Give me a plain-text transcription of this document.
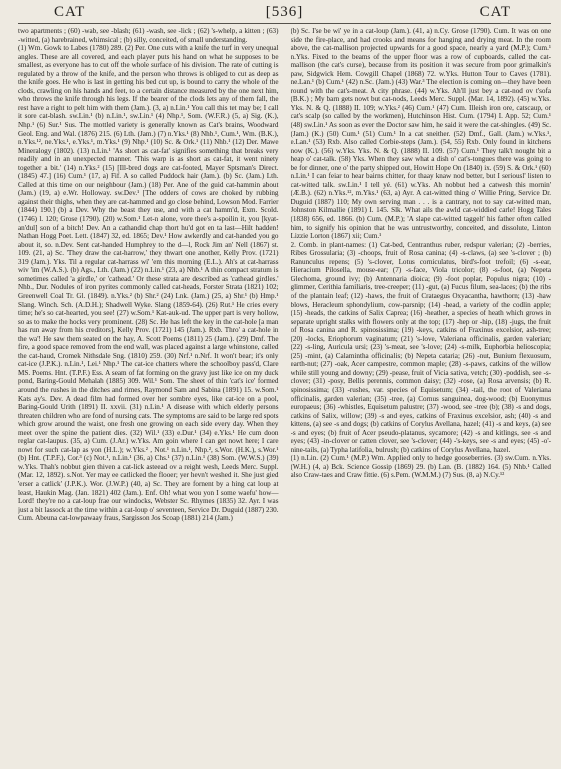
CAT	[536]	CAT

two apartments ; (60) -wab, see -blash; (61) -wash, see -lick ; (62) 's-whelp, a kitten ; (63) -witted, (a) harebrained, whimsical ; (b) silly, conceited, of small understanding.

(1) Wm. Gowk to Labes (1780) 289. (2) Per. One cuts with a knife the turf in very unequal angles. These are all covered, and each player puts his hand on what he supposes to be smallest, as everyone has to cut off the whole surface of his division. The rate of cutting is regulated by a throw of the knife, and the person who throws is obliged to cut as deep as the knife goes. He who is last in getting his bed cut up, is bound to carry the whole of the clods, crawling on his hands and feet, to a certain distance measured by the one next him, who throws the knife through his legs. If the bearer of the clods lets any of them fall, the rest have a right to pelt him with them (Jam.). (3, a) n.Lin.¹ You call this tet may be; I call it sore cat-blash. sw.Lin.¹ (b) n.Lin.¹, sw.Lin.¹ (4) Nhp.¹, Som. (W.F.R.) (5, a) Sig. (K.), Nhp.¹ (6) Sur.¹ Sus. The mottled variety is generally known as Cat's brains, Woodward Geol. Eng. and Wal. (1876) 215. (6) Lth. (Jam.) (7) n.Yks.¹ (8) Nhb.¹, Cum.¹, Wm. (B.K.), n.Yks.¹², ne.Yks.¹, e.Yks.¹, m.Yks.¹ (9) Nhp.¹ (10) Sc. & Ork.¹ (11) Nhb.¹ (12) Der. Mawe Mineralogy (1802). (13) n.Lin.¹ 'As short as cat-fat' signifies something that breaks very readily and in an unexpected manner. 'This warp is as short as cat-fat, it went ninety together a bit.' (14) n.Yks.² (15) [Ill-bred dogs are cat-footed, Mayer Sptsman's Direct. (1845) 47.] (16) Cum.¹ (17, a) Fif. A so called Puddock hair (Jam.). (b) Sc. (Jam.) Lth. Called at this time on our neighbour (Jam.) (18) Per. Ane of the guid cat-hammin about (Jam.) (19, a) e.Wr. Holloway. sw.Dev.¹ [The odders of cows are choked by rubbing against their thighs, when they are cat-hammed and go close behind, Lowson Mod. Farrier (1844) 190.] (b) a Dev. Why the beast they use, and with a cat hamm'd, Exm. Scold. (1746) l. 120; Grose (1790). (20) w.Som.¹ Let-n alone, vore thee's a-spoilin it, you [kyat-an'dul] son of a bitch! Dev. An a cathandid chap thort hu'd got en ta last—Hilt hadden! Nathan Hogg Poet. Lett. (1847) 32, ed. 1865; Dev.¹ How awkerdly and cat-handed you go about it, so. n.Dev. Sent cat-handed Humphrey to the d—l, Rock Jim an' Nell (1867) st. 109. (21, a) Sc. 'They draw the cat-harrow,' they thwart one another, Kelly Prov. (1721) 319 (Jam.). Yks. Til a regular cat-harrass wi' 'em this morning (E.L.). Ah's at cat-harrass wiv 'im (W.A.S.). (b) Ags., Lth. (Jam.) (22) n.Lin.¹ (23, a) Nhb.¹ A thin compact stratum is sometimes called 'a girdle,' or 'cathead.' Or these strata are described as 'cathead girdles.' Nhb., Dur. Nodules of iron pyrites commonly called cat-heads, Forster Strata (1821) 102; Greenwell Coal Tr. Gl. (1849). n.Yks.² (b) Shr.² (24) Lnk. (Jam.) (25, a) Shr.¹ (b) Hmp.¹ Slang. Winch. Sch. (A.D.H.); Shadwell Wyke. Slang (1859-64). (26) Rut.¹ He cries every time; he's so cat-hearted, you see! (27) w.Som.¹ Kat-auk-ud. The upper part is very hollow, so as to make the hocks very prominent. (28) Sc. He has left the key in the cat-hole [a man has run away from his creditors], Kelly Prov. (1721) 145 (Jam.). Rxb. Thro' a cat-hole in the wa'! He saw them seated on the hay, A. Scott Poems (1811) 25 (Jam.). (29) Dmf. The fire, a good space removed from the end wall, was placed against a large whinstone, called the cat-haud, Cromek Nithsdale Sng. (1810) 259. (30) Nrf.¹ n.Nrf. It won't bear; it's only cat-ice (J.P.K.). n.Lin.¹, Lei.¹ Nhp.¹ The cat-ice chatters where the schoolboy pass'd, Clare MS. Poems. Hnt. (T.P.F.) Ess. A seam of fat forming on the gravy just like ice on my duck pond, Baring-Gould Mehalah (1885) 309. Wil.¹ Som. The sheet of thin 'cat's ice' formed around the rushes in the ditches and rimes, Raymond Sam and Sabina (1891) 15. w.Som.¹ Kats ay's. Dev. A dead film had formed over her sombre eyes, like cat-ice on a pool, Baring-Gould Urith (1891) II. xxvii. (31) n.Lin.¹ A disease with which elderly persons threaten children who are fond of nursing cats. The symptoms are said to be large red spots which grow around the waist, one fresh one growing on each side every day. When they meet over the spine the patient dies. (32) Wil.¹ (33) e.Dur.¹ (34) e.Yks.¹ He cum doon reglar cat-laupus. (35, a) Cum. (J.Ar.) w.Yks. Am goin where I can get nowt here; I care nowt for such cat-lap as yon (H.L.); w.Yks.² , Not.¹ n.Lin.¹, Nhp.², s.Wor. (H.K.), s.Wor.¹ (b) Hnt. (T.P.F.), Cor.³ (c) Not.¹, n.Lin.¹ (36, a) Chs.¹ (37) n.Lin.¹ (38) Som. (W.W.S.) (39) w.Yks. Thah's nobbut gien thiven a cat-lick asteead ov a reight wesh, Leeds Merc. Suppl. (Mar. 12, 1892). s.Not. Yer may ee catlicked the flooer; yer hevn't weshed it. She just gied 'erser a catlick' (J.P.K.). Wor. (J.W.P.) (40, a) Sc. They are fornent by a hing cat loup at least, Haukin Mag. (Jan. 1821) 402 (Jam.). Enf. Oh! what wou yon I some waefu' how—Lord! they're no a cat-loup frae our windocks, Webster Sc. Rhymes (1835) 32. Ayr. I was just a bit lassock at the time within a cat-loup o' seventeen, Service Dr. Duguid (1887) 230. Cum. Abeuna cat-lowpawaay fraus, Sargisson Jos Scoap (1881) 214 (Jam.)

(b) Sc. I'se be wi' ye in a cat-loup (Jam.). (41, a) n.Cy. Grose (1790). Cum. It was on one side the fire-place, and had crooks and means for hanging and drying meat. In the room above, the cat-mallison projected upwards for a good space, nearly a yard (M.P.); Cum.¹ n.Yks. Fixed to the beams of the upper floor was a row of cupboards, called the cat-mallison (the cat's curse), because from its position it was secure from poor grimalkin's paw, Sidgwick Hem. Cowgill Chapel (1868) 72. w.Yks. Hutton Tour to Caves (1781). ne.Lan.¹ (b) Cum.¹ (42) n.Sc. (Jam.) (43) War.³ The election is coming on—they have been round with the cat's-meat. A city phrase. (44) w.Yks. Ah'll just bey a cat-nod ov t'sofa (B.K.) ; My barn gets nowt but cat-nods, Leeds Merc. Suppl. (Mar. 14, 1892). (45) w.Yks. Yks. N. & Q. (1888) II. 109; w.Yks.² (46) Cum.¹ (47) Cum. Illeish iron ore, catscaup, or cat's scalp (so called by the workmen), Hutchinson Hist. Cum. (1794) I. App. 52; Cum.¹ (48) sw.Lin.¹ As soon as ever the Doctor saw him, he said it were the cat-shingles. (49) Sc. (Jam.) (K.) (50) Cum.¹ (51) Cum.¹ In a cat sneither. (52) Dmf., Gall. (Jam.) w.Yks.¹, e.Lan.¹ (53) Rxb. Also called Corbie-steps (Jam.). (54, 55) Rxb. Only found in kitchens now (K.). (56) w.Yks. Yks. N. & Q. (1888) II. 109. (57) Cum.¹ They talk't nought bit a heap o' cat-talk. (58) Yks. When they saw what a dish o' cat's-tongues there was going to be for dinner, one o' the party shipped out, Howitt Hope On (1840) ix. (59) S. & Ork.¹ (60) n.Lin.¹ I can feiar to hear bairns chitter, for thaay knaw nod better, but I seriousl' listen to cat-witted talk. sw.Lin.¹ I tell yé. (61) w.Yks. Ah nobbut hed a catwesh this mornin' (Æ.B.). (62) n.Yks.¹², m.Yks.¹ (63, a) Ayr. A cat-witted thing o' Willie Pring, Service Dr. Duguid (1887) 110; My own serving man . . . is a cantrary, not to say cat-witted man, Johnston Kilmallie (1891) I. 145. Slk. What ails the awld cat-widdied carle! Hogg Tales (1838) 656, ed. 1866. (b) Cum. (M.P.); 'A slape cat-witted taggelt' his father often called him, to signify his opinion that he was untrustworthy, conceited, and dissolute, Linton Lizzie Lorton (1867) xii; Cum.¹

2. Comb. in plant-names: (1) Cat-bed, Centranthus ruber, redspur valerian; (2) -berries, Ribes Grossularia; (3) -choops, fruit of Rosa canina; (4) -s-claws, (a) see 's-clover ; (b) Ranunculus repens; (5) 's-clover, Lotus corniculatus, bird's-foot trefoil; (6) -s-ear, Hieracium Pilosella, mouse-ear; (7) -s-face, Viola tricolor; (8) -s-foot, (a) Nepeta Glechoma, ground ivy; (b) Antennaria dioica; (9) -foot poplar, Populus nigra; (10) -glimmer, Cerithia familiaris, tree-creeper; (11) -gut, (a) Fucus filum, sea-laces; (b) the ribs of the plantain leaf; (12) -haws, the fruit of Crataegus Oxyacantha, hawthorn; (13) -haw blows, Heracleum sphondylium, cow-parsnip; (14) -head, a variety of the codlin apple; (15) -heads, the catkins of Salix Caprea; (16) -heather, a species of heath which grows in separate upright stalks with flowers only at the top; (17) -hep or -hip, (18) -jugs, the fruit of Rosa canina and R. spinosissima; (19) -keys, catkins of Fraxinus excelsior, ash-tree; (20) -locks, Eriophorum vaginatum; (21) 's-love, Valeriana officinalis, garden valerian; (22) -s-ling, Auricula ursi; (23) 's-meat, see 's-love; (24) -s-milk, Euphorbia helioscopia; (25) -mint, (a) Calamintha officinalis; (b) Nepeta cataria; (26) -nut, Bunium flexuosum, earth-nut; (27) -oak, Acer campestre, common maple; (28) -s-paws, catkins of the willow while still young and downy; (29) -pease, fruit of Vicia sativa, vetch; (30) -poddish, see -s-clover; (31) -posy, Bellis perennis, common daisy; (32) -rose, (a) Rosa arvensis; (b) R. spinosissima; (33) -rushes, var. species of Equisetum; (34) -tail, the root of Valeriana officinalis, garden valerian; (35) -tree, (a) Cornus sanguinea, dog-wood; (b) Euonymus europaeus; (36) -whistles, Equisetum palustre; (37) -wood, see -tree (b); (38) -s and dogs, catkins of Salix, willow; (39) -s and eyes, catkins of Fraxinus excelsior, ash; (40) -s and kittens, (a) see -s and dogs; (b) catkins of Corylus Avellana, hazel; (41) -s and keys, (a) see -s and eyes; (b) fruit of Acer pseudo-platanus, sycamore; (42) -s and kitlings, see -s and eyes; (43) -in-clover or catten clover, see 's-clover; (44) -'s-keys, see -s and eyes; (45) -o'-nine-tails, (a) Typha latifolia, bulrush; (b) catkins of Corylus Avellana, hazel.

(1) n.Lin. (2) Cum.¹ (M.P.) Wm. Applied only to hedge gooseberries. (3) sw.Cum. n.Yks. (W.H.) (4, a) Bck. Science Gossip (1869) 29. (b) Lan. (B. (1882) 164. (5) Nhb.¹ Called also Craw-taes and Craw fittie. (6) s.Pem. (W.M.M.) (7) Sus. (8, a) N.Cy.¹²
